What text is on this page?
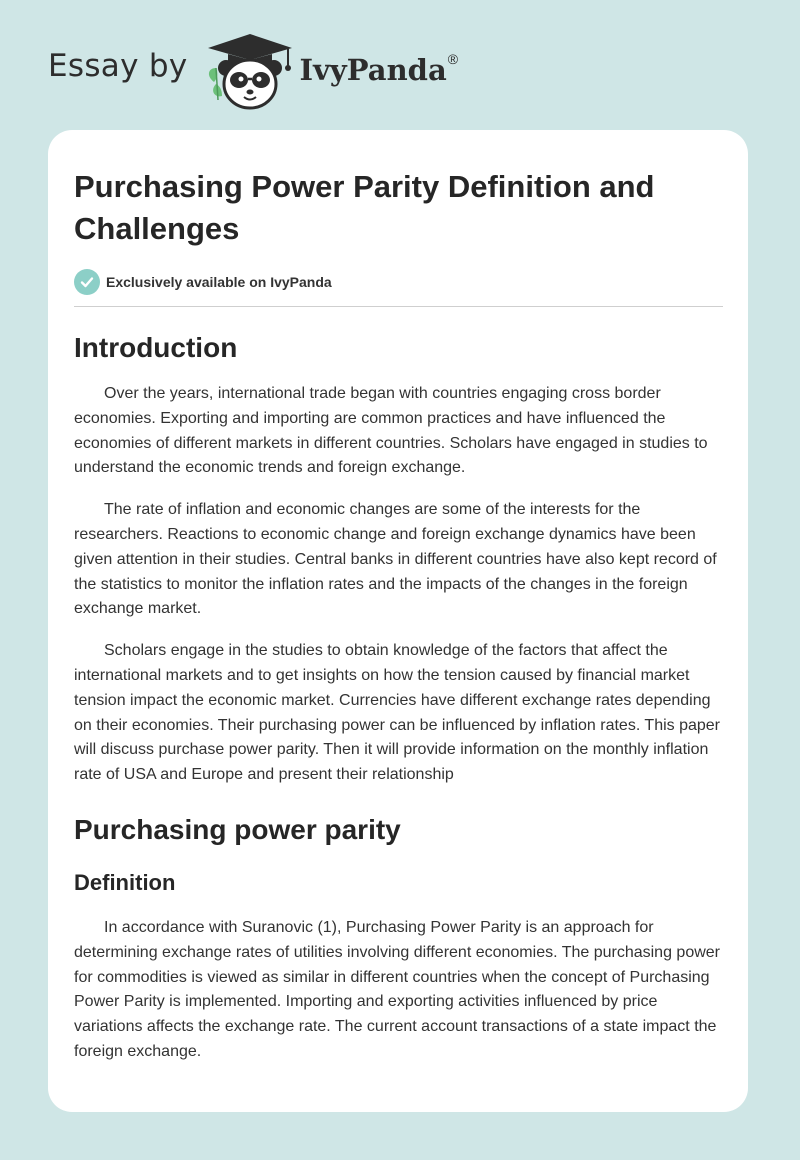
Essay by	IvyPanda®
Purchasing Power Parity Definition and Challenges
Exclusively available on IvyPanda
Introduction

Over the years, international trade began with countries engaging cross border economies. Exporting and importing are common practices and have influenced the economies of different markets in different countries. Scholars have engaged in studies to understand the economic trends and foreign exchange.

The rate of inflation and economic changes are some of the interests for the researchers. Reactions to economic change and foreign exchange dynamics have been given attention in their studies. Central banks in different countries have also kept record of the statistics to monitor the inflation rates and the impacts of the changes in the foreign exchange market.

Scholars engage in the studies to obtain knowledge of the factors that affect the international markets and to get insights on how the tension caused by financial market tension impact the economic market. Currencies have different exchange rates depending on their economies. Their purchasing power can be influenced by inflation rates. This paper will discuss purchase power parity. Then it will provide information on the monthly inflation rate of USA and Europe and present their relationship

Purchasing power parity
Definition

In accordance with Suranovic (1), Purchasing Power Parity is an approach for determining exchange rates of utilities involving different economies. The purchasing power for commodities is viewed as similar in different countries when the concept of Purchasing Power Parity is implemented. Importing and exporting activities influenced by price variations affects the exchange rate. The current account transactions of a state impact the foreign exchange.
